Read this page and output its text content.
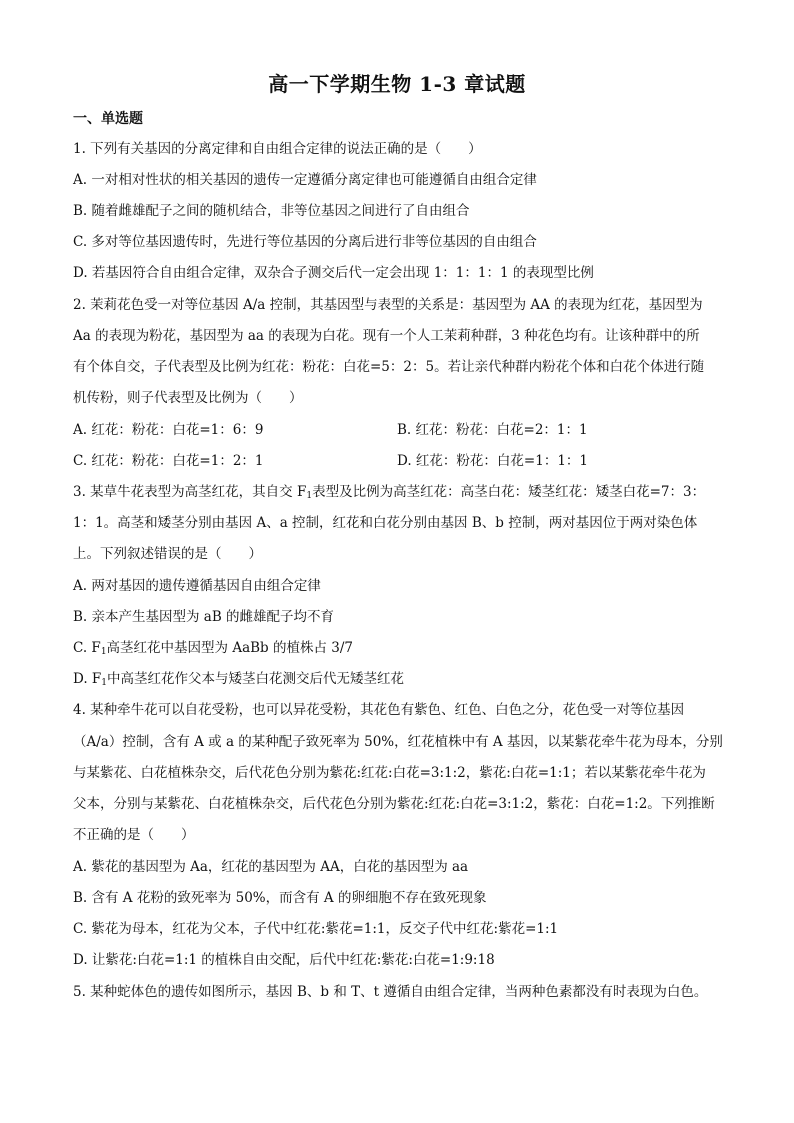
高一下学期生物 1-3 章试题
一、单选题
1. 下列有关基因的分离定律和自由组合定律的说法正确的是（　　）
A. 一对相对性状的相关基因的遗传一定遵循分离定律也可能遵循自由组合定律
B. 随着雌雄配子之间的随机结合，非等位基因之间进行了自由组合
C. 多对等位基因遗传时，先进行等位基因的分离后进行非等位基因的自由组合
D. 若基因符合自由组合定律，双杂合子测交后代一定会出现 1：1：1：1 的表现型比例
2. 茉莉花色受一对等位基因 A/a 控制，其基因型与表型的关系是：基因型为 AA 的表现为红花，基因型为
Aa 的表现为粉花，基因型为 aa 的表现为白花。现有一个人工茉莉种群，3 种花色均有。让该种群中的所
有个体自交，子代表型及比例为红花：粉花：白花=5：2：5。若让亲代种群内粉花个体和白花个体进行随
机传粉，则子代表型及比例为（　　）
A. 红花：粉花：白花=1：6：9	B. 红花：粉花：白花=2：1：1
C. 红花：粉花：白花=1：2：1	D. 红花：粉花：白花=1：1：1
3. 某草牛花表型为高茎红花，其自交 $F_1$表型及比例为高茎红花：高茎白花：矮茎红花：矮茎白花=7：3：
1：1。高茎和矮茎分别由基因 A、a 控制，红花和白花分别由基因 B、b 控制，两对基因位于两对染色体
上。下列叙述错误的是（　　）
A. 两对基因的遗传遵循基因自由组合定律
B. 亲本产生基因型为 aB 的雌雄配子均不育
C. $F_1$高茎红花中基因型为 AaBb 的植株占 3/7
D. $F_1$中高茎红花作父本与矮茎白花测交后代无矮茎红花
4. 某种牵牛花可以自花受粉，也可以异花受粉，其花色有紫色、红色、白色之分，花色受一对等位基因
（A/a）控制，含有 A 或 a 的某种配子致死率为 50%，红花植株中有 A 基因，以某紫花牵牛花为母本，分别
与某紫花、白花植株杂交，后代花色分别为紫花:红花:白花=3:1:2，紫花:白花=1:1；若以某紫花牵牛花为
父本，分别与某紫花、白花植株杂交，后代花色分别为紫花:红花:白花=3:1:2，紫花：白花=1:2。下列推断
不正确的是（　　）
A. 紫花的基因型为 Aa，红花的基因型为 AA，白花的基因型为 aa
B. 含有 A 花粉的致死率为 50%，而含有 A 的卵细胞不存在致死现象
C. 紫花为母本，红花为父本，子代中红花:紫花=1:1，反交子代中红花:紫花=1:1
D. 让紫花:白花=1:1 的植株自由交配，后代中红花:紫花:白花=1:9:18
5. 某种蛇体色的遗传如图所示，基因 B、b 和 T、t 遵循自由组合定律，当两种色素都没有时表现为白色。
